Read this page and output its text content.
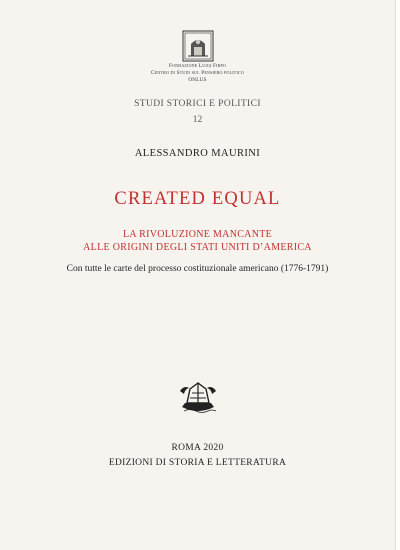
Fondazione Luigi Firpo
Centro di Studi sul Pensiero politico
ONLUS
STUDI STORICI E POLITICI
12
ALESSANDRO MAURINI
CREATED EQUAL
LA RIVOLUZIONE MANCANTE
ALLE ORIGINI DEGLI STATI UNITI D’AMERICA
Con tutte le carte del processo costituzionale americano (1776-1791)
ROMA 2020
EDIZIONI DI STORIA E LETTERATURA
